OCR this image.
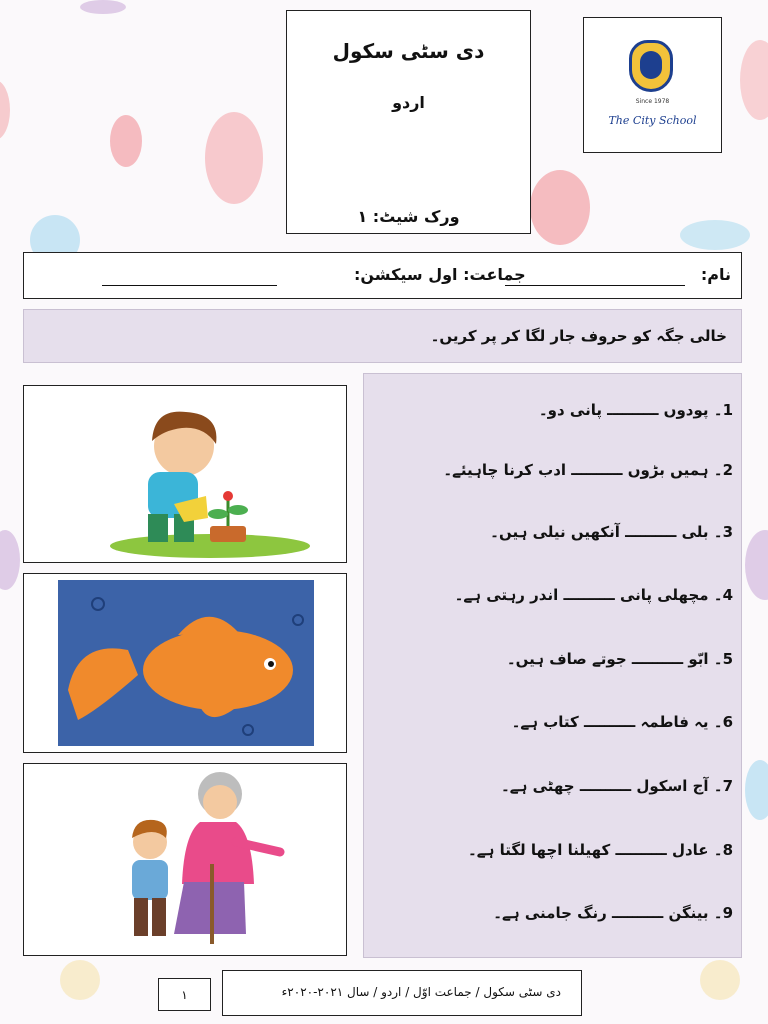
دی سٹی سکول
اردو
ورک شیٹ: ۱
Since 1978
The City School
نام:
جماعت: اول سیکشن:
خالی جگہ کو حروف جار لگا کر پر کریں۔
1۔ پودوں ــــــــــ پانی دو۔
2۔ ہمیں بڑوں ــــــــــ ادب کرنا چاہیئے۔
3۔ بلی ــــــــــ آنکھیں نیلی ہیں۔
4۔ مچھلی پانی ــــــــــ اندر رہتی ہے۔
5۔ ابّو ــــــــــ جوتے صاف ہیں۔
6۔ یہ فاطمہ ــــــــــ کتاب ہے۔
7۔ آج اسکول ــــــــــ چھٹی ہے۔
8۔ عادل ــــــــــ کھیلنا اچھا لگتا ہے۔
9۔ بینگن ــــــــــ رنگ جامنی ہے۔
۱	دی سٹی سکول / جماعت اوّل / اردو / سال ۲۰۲۱-۲۰۲۰ء
